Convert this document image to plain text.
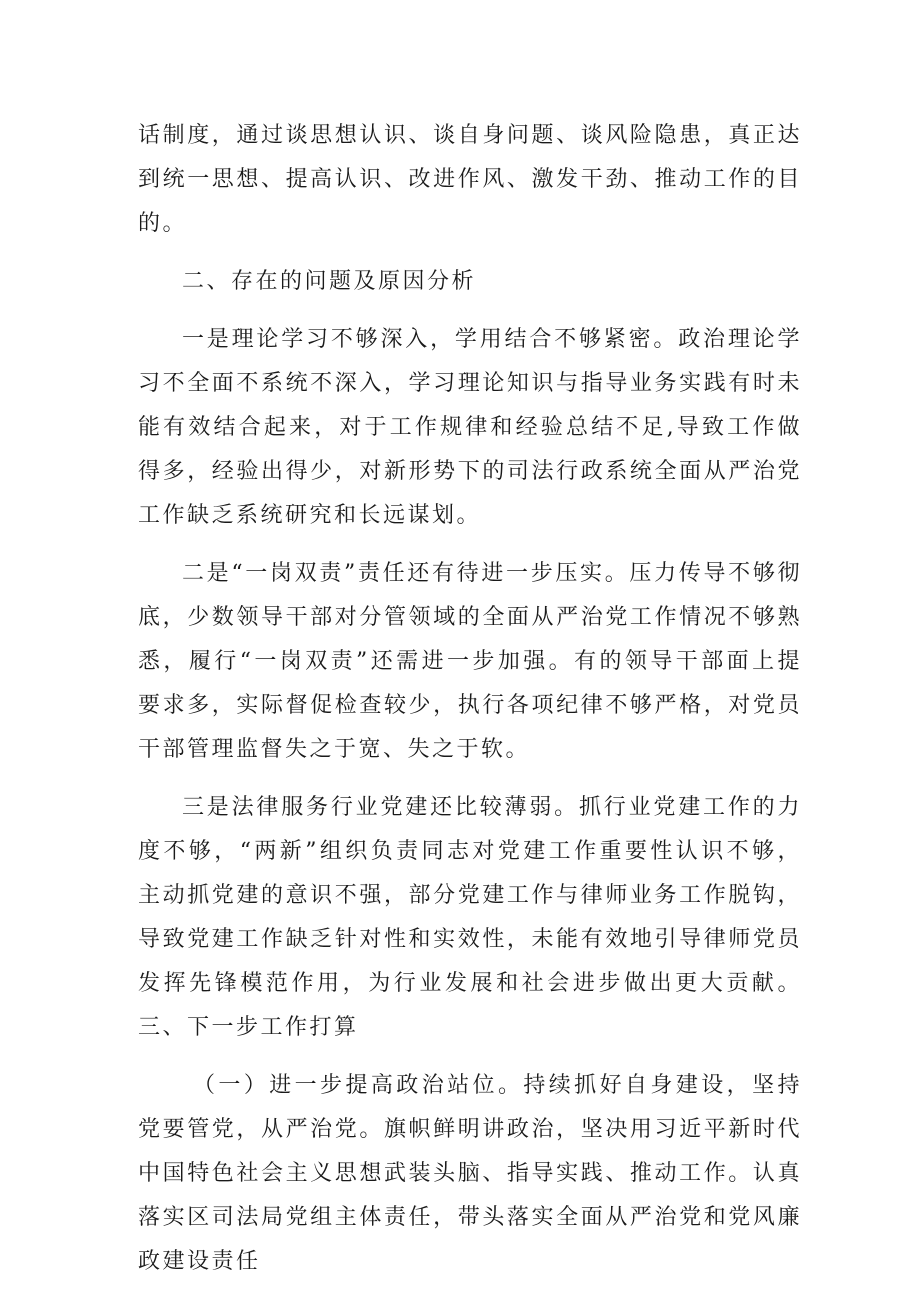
话制度，通过谈思想认识、谈自身问题、谈风险隐患，真正达到统一思想、提高认识、改进作风、激发干劲、推动工作的目的。

二、存在的问题及原因分析

一是理论学习不够深入，学用结合不够紧密。政治理论学习不全面不系统不深入，学习理论知识与指导业务实践有时未能有效结合起来，对于工作规律和经验总结不足,导致工作做得多，经验出得少，对新形势下的司法行政系统全面从严治党工作缺乏系统研究和长远谋划。

二是“一岗双责”责任还有待进一步压实。压力传导不够彻底，少数领导干部对分管领域的全面从严治党工作情况不够熟悉，履行“一岗双责”还需进一步加强。有的领导干部面上提要求多，实际督促检查较少，执行各项纪律不够严格，对党员干部管理监督失之于宽、失之于软。

三是法律服务行业党建还比较薄弱。抓行业党建工作的力度不够，“两新”组织负责同志对党建工作重要性认识不够，主动抓党建的意识不强，部分党建工作与律师业务工作脱钩，导致党建工作缺乏针对性和实效性，未能有效地引导律师党员发挥先锋模范作用，为行业发展和社会进步做出更大贡献。三、下一步工作打算

（一）进一步提高政治站位。持续抓好自身建设，坚持党要管党，从严治党。旗帜鲜明讲政治，坚决用习近平新时代中国特色社会主义思想武装头脑、指导实践、推动工作。认真落实区司法局党组主体责任，带头落实全面从严治党和党风廉政建设责任
